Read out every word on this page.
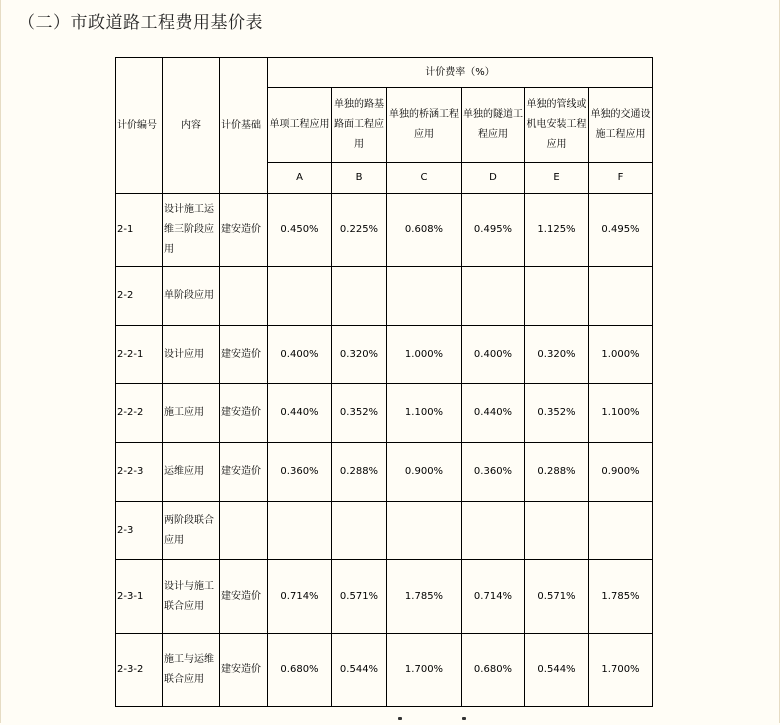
（二）市政道路工程费用基价表
计价编号	内容	计价基础	计价费率（%）					
			单项工程应用	单独的路基路面工程应用	单独的桥涵工程应用	单独的隧道工程应用	单独的管线或机电安装工程应用	单独的交通设施工程应用
			A	B	C	D	E	F
2-1	设计施工运维三阶段应用	建安造价	0.450%	0.225%	0.608%	0.495%	1.125%	0.495%
2-2	单阶段应用							
2-2-1	设计应用	建安造价	0.400%	0.320%	1.000%	0.400%	0.320%	1.000%
2-2-2	施工应用	建安造价	0.440%	0.352%	1.100%	0.440%	0.352%	1.100%
2-2-3	运维应用	建安造价	0.360%	0.288%	0.900%	0.360%	0.288%	0.900%
2-3	两阶段联合应用							
2-3-1	设计与施工联合应用	建安造价	0.714%	0.571%	1.785%	0.714%	0.571%	1.785%
2-3-2	施工与运维联合应用	建安造价	0.680%	0.544%	1.700%	0.680%	0.544%	1.700%
